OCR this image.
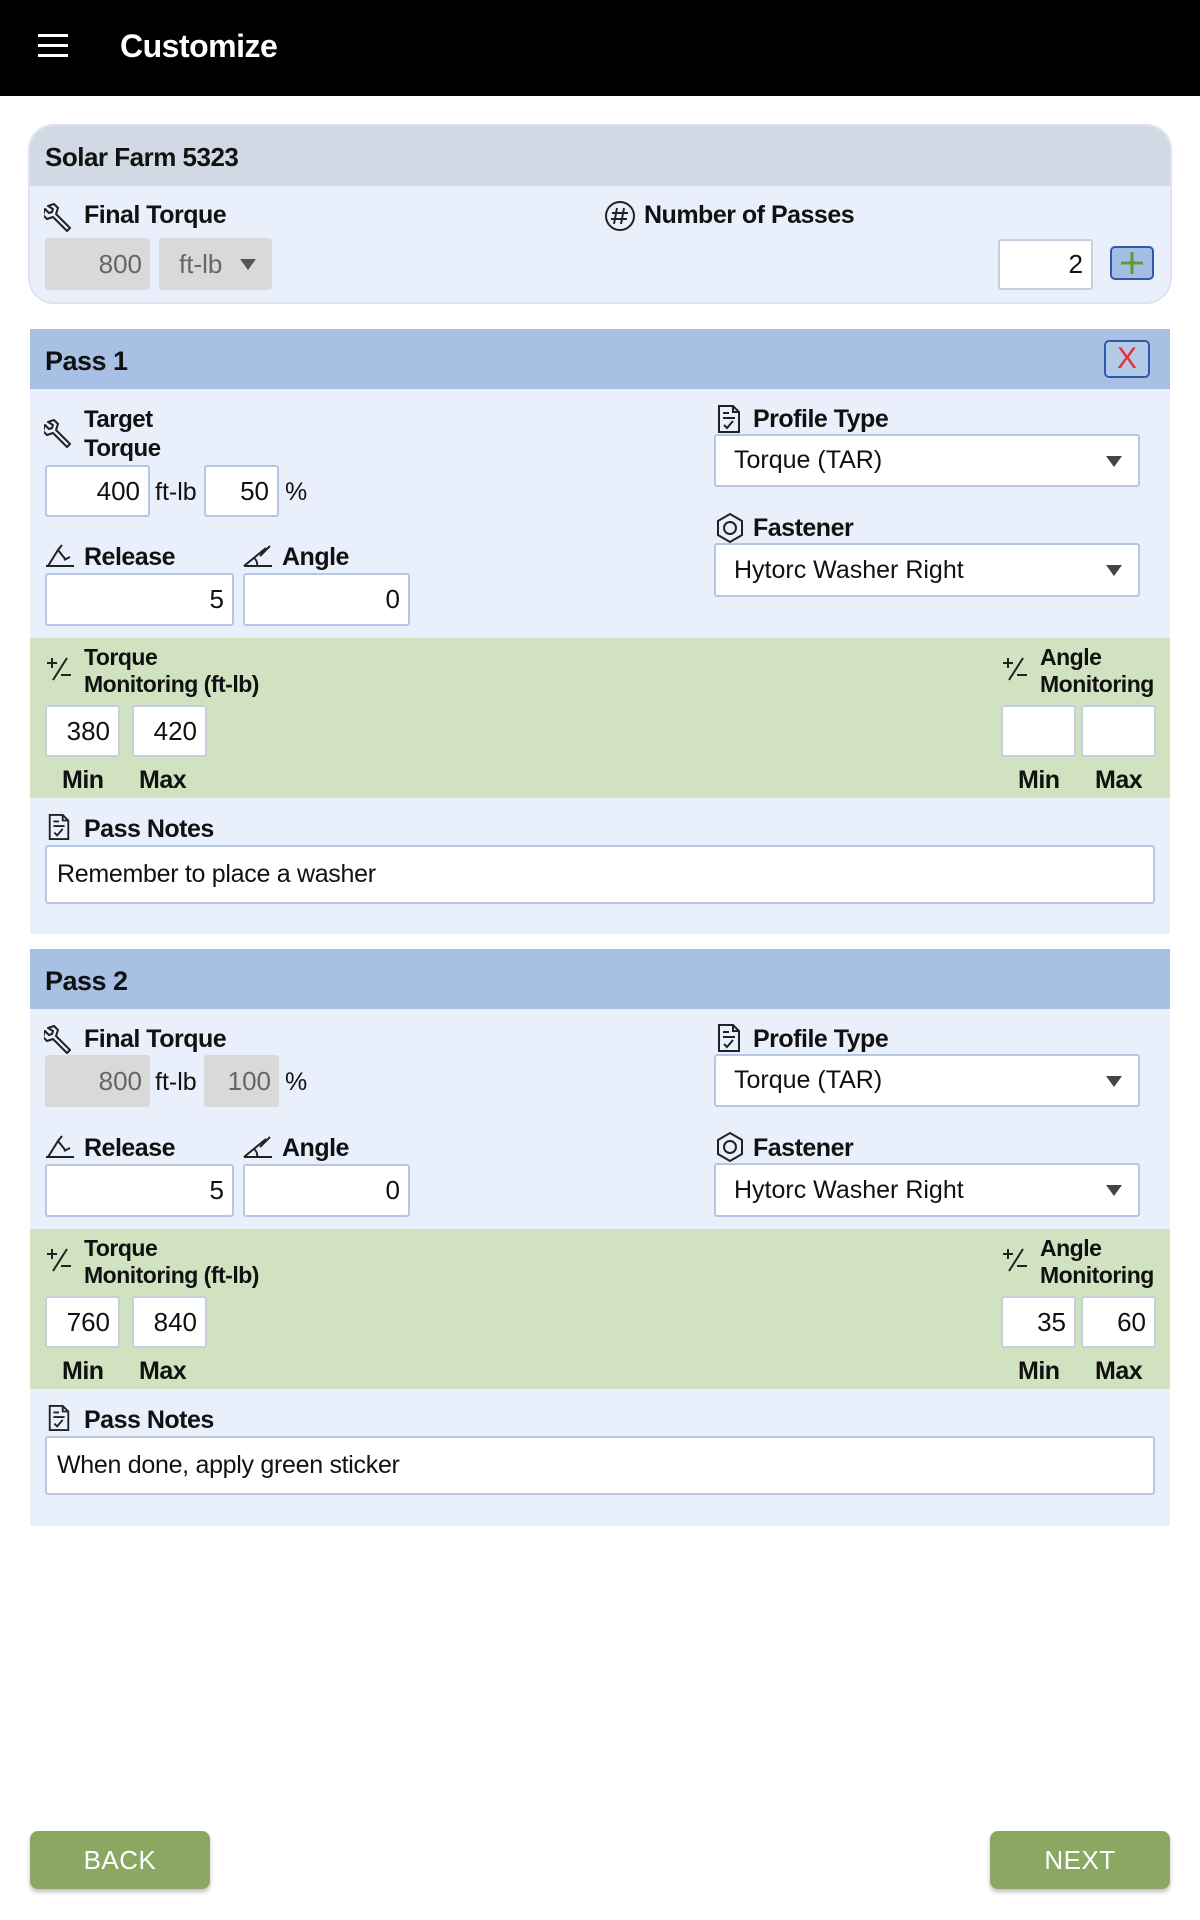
Customize
Solar Farm 5323
Final Torque
800	ft-lb
Number of Passes
2
Pass 1	X
Target Torque
400 ft-lb	50 %
Release
5
Angle
0
Profile Type
Torque (TAR)
Fastener
Hytorc Washer Right
Torque
Monitoring (ft-lb)
380	420
Min Max
Angle
Monitoring
Min Max
Pass Notes
Remember to place a washer
Pass 2
Final Torque
800 ft-lb	100 %
Release
5
Angle
0
Profile Type
Torque (TAR)
Fastener
Hytorc Washer Right
Torque
Monitoring (ft-lb)
760	840
Min Max
Angle
Monitoring
35	60
Min Max
Pass Notes
When done, apply green sticker
BACK	NEXT
